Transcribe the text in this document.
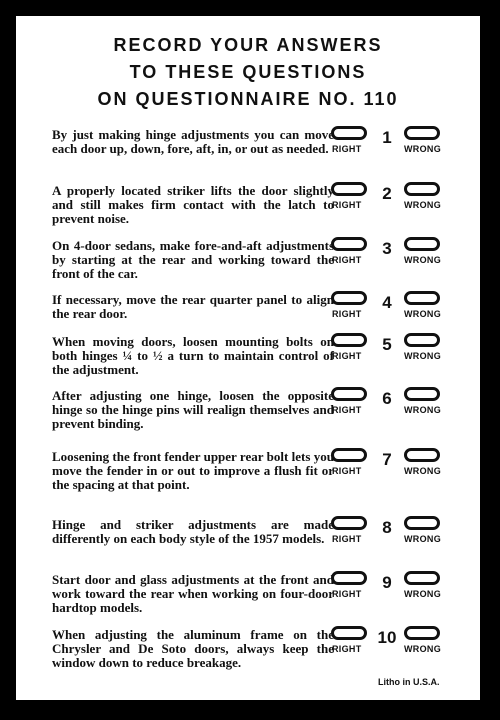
RECORD YOUR ANSWERS
TO THESE QUESTIONS
ON QUESTIONNAIRE NO. 110
By just making hinge adjustments you can move each door up, down, fore, aft, in, or out as needed. RIGHT
1
WRONG
A properly located striker lifts the door slightly and still makes firm contact with the latch to prevent noise.
RIGHT
2
WRONG
On 4-door sedans, make fore-and-aft adjustments by starting at the rear and working toward the front of the car.
RIGHT
3
WRONG
If necessary, move the rear quarter panel to align the rear door.	RIGHT
4
WRONG
When moving doors, loosen mounting bolts on both hinges ¼ to ½ a turn to maintain control of the adjustment.
RIGHT
5
WRONG
After adjusting one hinge, loosen the opposite hinge so the hinge pins will realign themselves and prevent binding.
RIGHT
6
WRONG
Loosening the front fender upper rear bolt lets you move the fender in or out to improve a flush fit or the spacing at that point.
RIGHT
7
WRONG
Hinge and striker adjustments are made differently on each body style of the 1957 models. RIGHT
8
WRONG
Start door and glass adjustments at the front and work toward the rear when working on four-door hardtop models.
RIGHT
9
WRONG
When adjusting the aluminum frame on the Chrysler and De Soto doors, always keep the window down to reduce breakage.
RIGHT
10
WRONG
Litho in U.S.A.
